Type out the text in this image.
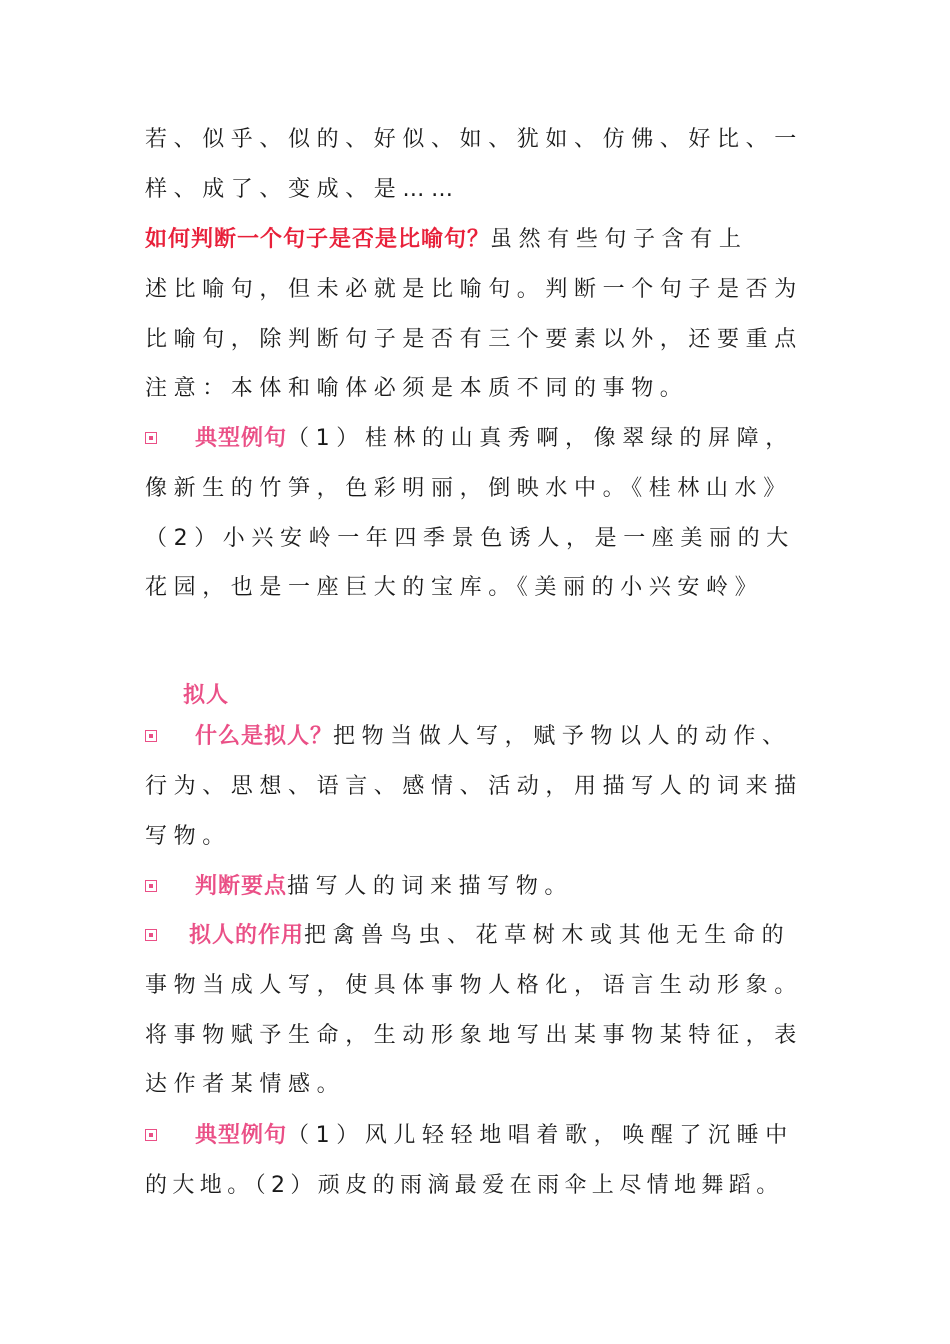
若、似乎、似的、好似、如、犹如、仿佛、好比、一
样、成了、变成、是……
如何判断一个句子是否是比喻句？虽然有些句子含有上
述比喻句，但未必就是比喻句。判断一个句子是否为
比喻句，除判断句子是否有三个要素以外，还要重点
注意：本体和喻体必须是本质不同的事物。
典型例句（1）桂林的山真秀啊，像翠绿的屏障，
像新生的竹笋，色彩明丽，倒映水中。《桂林山水》
（2）小兴安岭一年四季景色诱人，是一座美丽的大
花园，也是一座巨大的宝库。《美丽的小兴安岭》
拟人
什么是拟人？把物当做人写，赋予物以人的动作、
行为、思想、语言、感情、活动，用描写人的词来描
写物。
判断要点描写人的词来描写物。
拟人的作用把禽兽鸟虫、花草树木或其他无生命的
事物当成人写，使具体事物人格化，语言生动形象。
将事物赋予生命，生动形象地写出某事物某特征，表
达作者某情感。
典型例句（1）风儿轻轻地唱着歌，唤醒了沉睡中
的大地。（2）顽皮的雨滴最爱在雨伞上尽情地舞蹈。
